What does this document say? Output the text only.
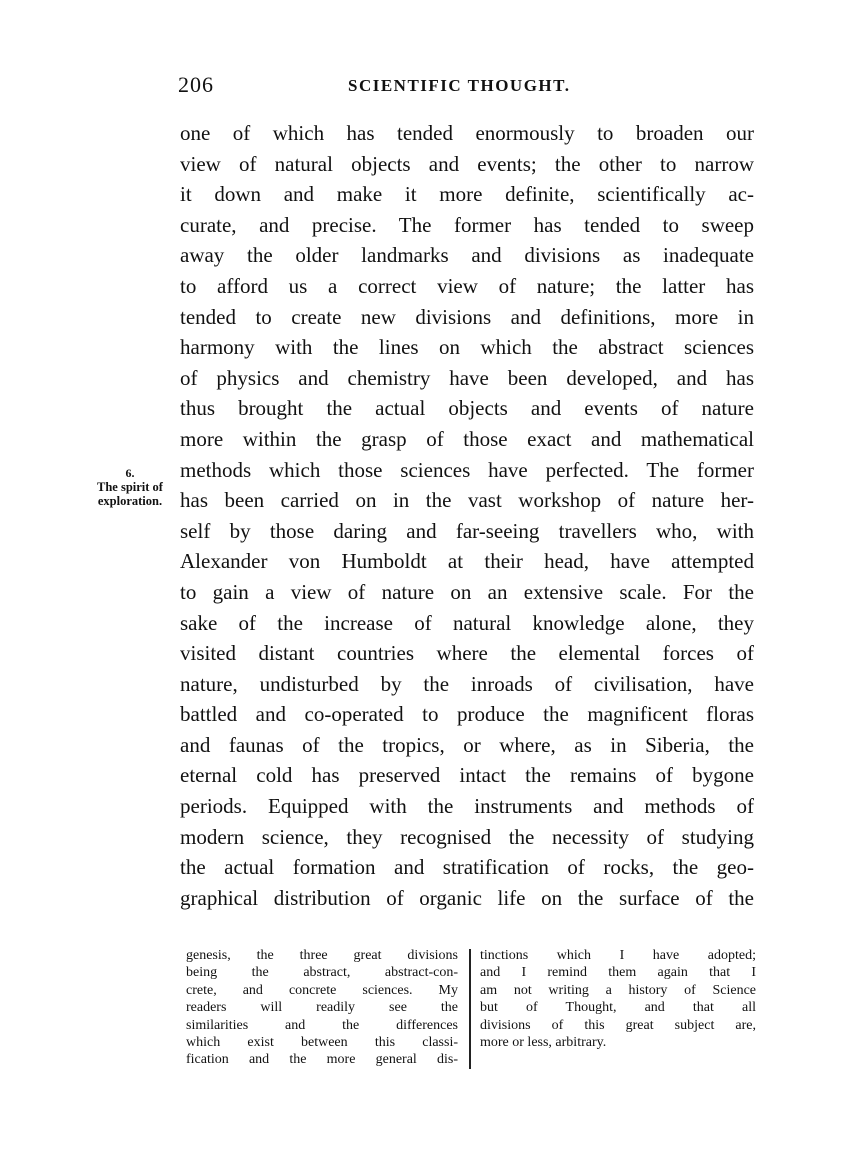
206	SCIENTIFIC THOUGHT.
6.
The spirit of
exploration.
one of which has tended enormously to broaden our
view of natural objects and events; the other to narrow
it down and make it more definite, scientifically ac-
curate, and precise. The former has tended to sweep
away the older landmarks and divisions as inadequate
to afford us a correct view of nature; the latter has
tended to create new divisions and definitions, more in
harmony with the lines on which the abstract sciences
of physics and chemistry have been developed, and has
thus brought the actual objects and events of nature
more within the grasp of those exact and mathematical
methods which those sciences have perfected. The former
has been carried on in the vast workshop of nature her-
self by those daring and far-seeing travellers who, with
Alexander von Humboldt at their head, have attempted
to gain a view of nature on an extensive scale. For the
sake of the increase of natural knowledge alone, they
visited distant countries where the elemental forces of
nature, undisturbed by the inroads of civilisation, have
battled and co-operated to produce the magnificent floras
and faunas of the tropics, or where, as in Siberia, the
eternal cold has preserved intact the remains of bygone
periods. Equipped with the instruments and methods of
modern science, they recognised the necessity of studying
the actual formation and stratification of rocks, the geo-
graphical distribution of organic life on the surface of the
genesis, the three great divisions
being the abstract, abstract-con-
crete, and concrete sciences. My
readers will readily see the
similarities and the differences
which exist between this classi-
fication and the more general dis-
tinctions which I have adopted;
and I remind them again that I
am not writing a history of Science
but of Thought, and that all
divisions of this great subject are,
more or less, arbitrary.
